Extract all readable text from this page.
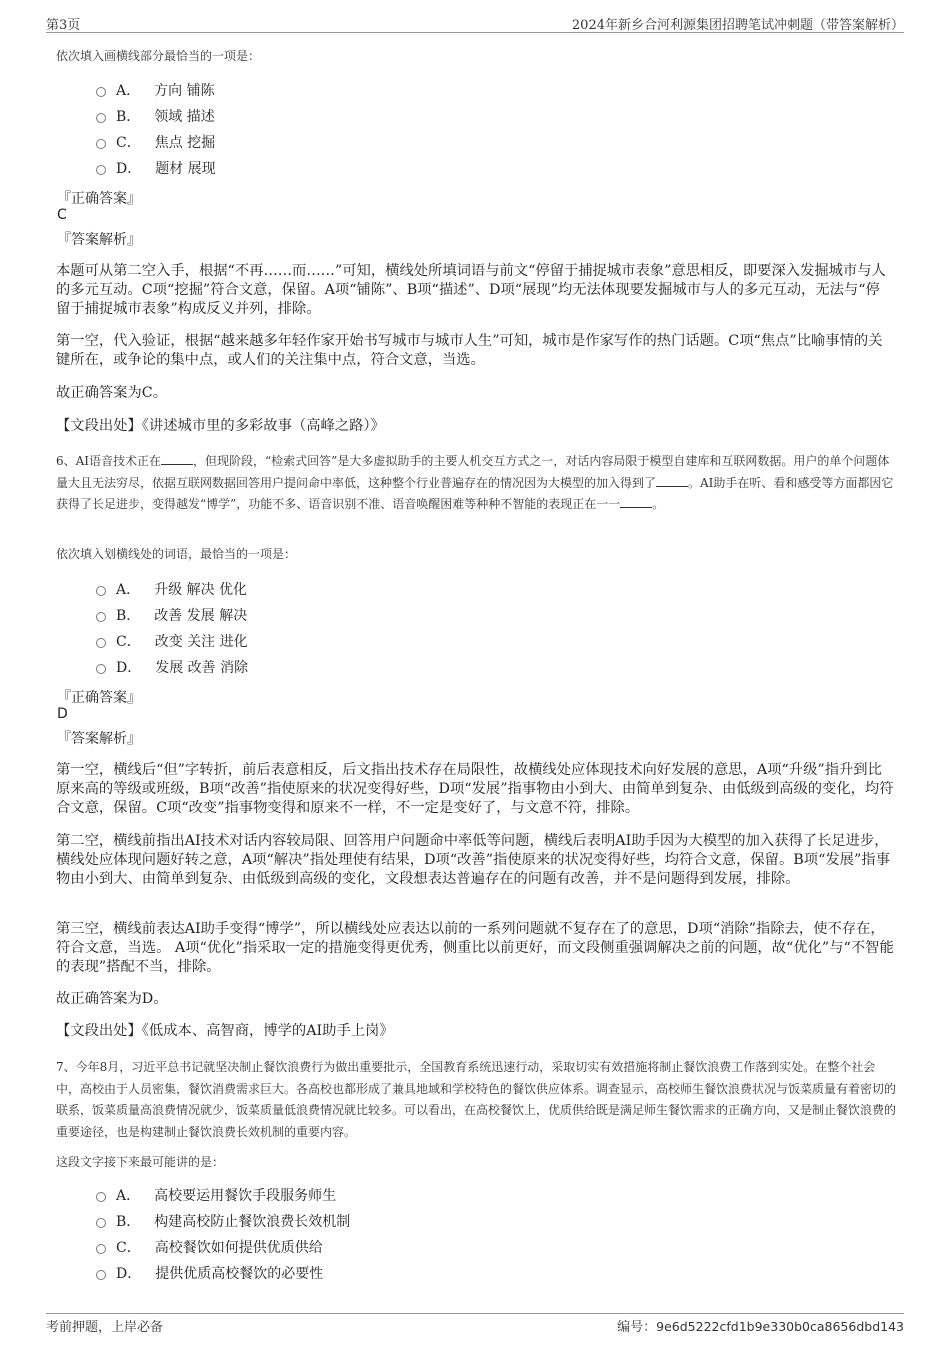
第3页	2024年新乡合河利源集团招聘笔试冲刺题（带答案解析）
依次填入画横线部分最恰当的一项是：
A． 方向 铺陈
B． 领域 描述
C． 焦点 挖掘
D． 题材 展现
『正确答案』
C
『答案解析』
本题可从第二空入手，根据“不再……而……”可知，横线处所填词语与前文“停留于捕捉城市表象”意思相反，即要深入发掘城市与人的多元互动。C项“挖掘”符合文意，保留。A项“铺陈”、B项“描述”、D项“展现”均无法体现要发掘城市与人的多元互动，无法与“停留于捕捉城市表象”构成反义并列，排除。
第一空，代入验证，根据“越来越多年轻作家开始书写城市与城市人生”可知，城市是作家写作的热门话题。C项“焦点”比喻事情的关键所在，或争论的集中点，或人们的关注集中点，符合文意，当选。
故正确答案为C。
【文段出处】《讲述城市里的多彩故事（高峰之路）》
6、AI语音技术正在	，但现阶段，“检索式回答”是大多虚拟助手的主要人机交互方式之一，对话内容局限于模型自建库和互联网数据。用户的单个问题体量大且无法穷尽，依据互联网数据回答用户提问命中率低，这种整个行业普遍存在的情况因为大模型的加入得到了	。AI助手在听、看和感受等方面都因它获得了长足进步，变得越发“博学”，功能不多、语音识别不准、语音唤醒困难等种种不智能的表现正在一一	。
依次填入划横线处的词语，最恰当的一项是：
A． 升级 解决 优化
B． 改善 发展 解决
C． 改变 关注 进化
D． 发展 改善 消除
『正确答案』
D
『答案解析』
第一空，横线后“但”字转折，前后表意相反，后文指出技术存在局限性，故横线处应体现技术向好发展的意思，A项“升级”指升到比原来高的等级或班级，B项“改善”指使原来的状况变得好些，D项“发展”指事物由小到大、由简单到复杂、由低级到高级的变化，均符合文意，保留。C项“改变”指事物变得和原来不一样，不一定是变好了，与文意不符，排除。
第二空，横线前指出AI技术对话内容较局限、回答用户问题命中率低等问题，横线后表明AI助手因为大模型的加入获得了长足进步，横线处应体现问题好转之意，A项“解决”指处理使有结果，D项“改善”指使原来的状况变得好些，均符合文意，保留。B项“发展”指事物由小到大、由简单到复杂、由低级到高级的变化，文段想表达普遍存在的问题有改善，并不是问题得到发展，排除。
第三空，横线前表达AI助手变得“博学”，所以横线处应表达以前的一系列问题就不复存在了的意思，D项“消除”指除去，使不存在，符合文意，当选。 A项“优化”指采取一定的措施变得更优秀，侧重比以前更好，而文段侧重强调解决之前的问题，故“优化”与“不智能的表现”搭配不当，排除。
故正确答案为D。
【文段出处】《低成本、高智商，博学的AI助手上岗》
7、今年8月，习近平总书记就坚决制止餐饮浪费行为做出重要批示，全国教育系统迅速行动，采取切实有效措施将制止餐饮浪费工作落到实处。在整个社会中，高校由于人员密集，餐饮消费需求巨大。各高校也都形成了兼具地域和学校特色的餐饮供应体系。调查显示，高校师生餐饮浪费状况与饭菜质量有着密切的联系，饭菜质量高浪费情况就少，饭菜质量低浪费情况就比较多。可以看出，在高校餐饮上，优质供给既是满足师生餐饮需求的正确方向，又是制止餐饮浪费的重要途径，也是构建制止餐饮浪费长效机制的重要内容。
这段文字接下来最可能讲的是：
A． 高校要运用餐饮手段服务师生
B． 构建高校防止餐饮浪费长效机制
C． 高校餐饮如何提供优质供给
D． 提供优质高校餐饮的必要性
考前押题，上岸必备	编号：9e6d5222cfd1b9e330b0ca8656dbd143
